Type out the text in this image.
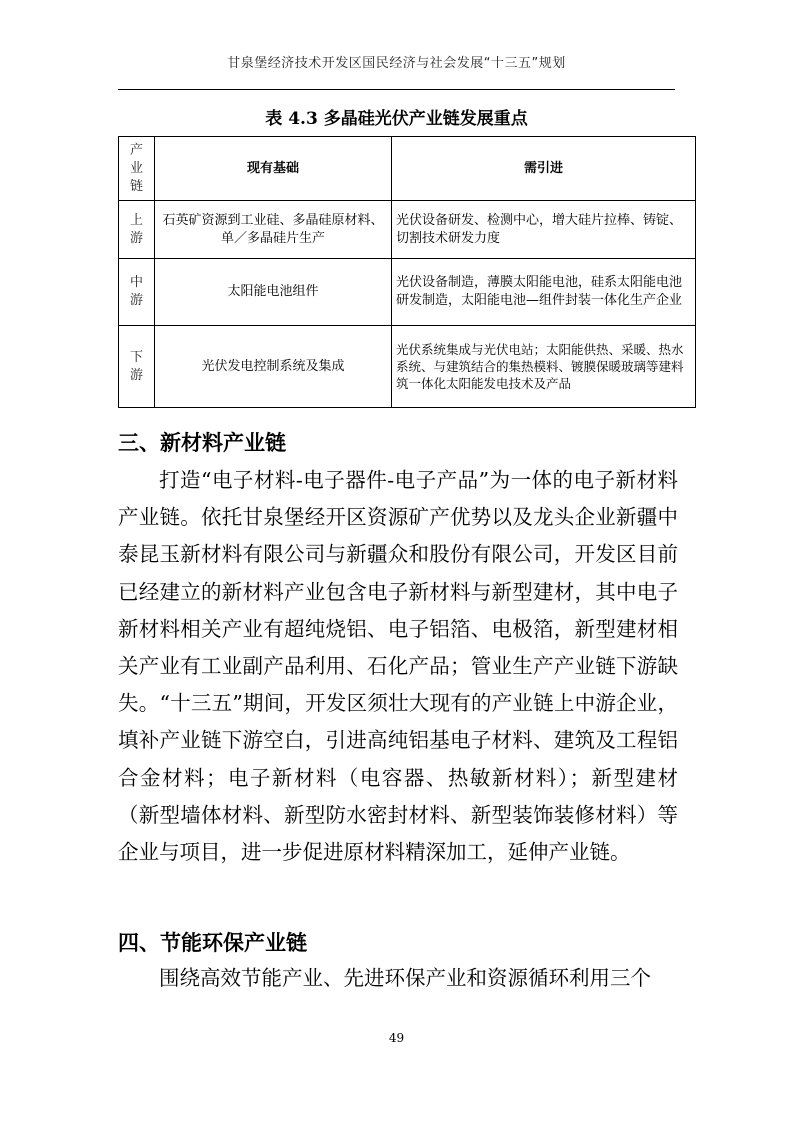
甘泉堡经济技术开发区国民经济与社会发展“十三五”规划
表 4.3 多晶硅光伏产业链发展重点
产
业
链	现有基础	需引进

上
游	石英矿资源到工业硅、多晶硅原材料、单／多晶硅片生产	光伏设备研发、检测中心，增大硅片拉棒、铸锭、切割技术研发力度

中
游	太阳能电池组件	光伏设备制造，薄膜太阳能电池，硅系太阳能电池研发制造，太阳能电池—组件封装一体化生产企业

下
游	光伏发电控制系统及集成	光伏系统集成与光伏电站；太阳能供热、采暖、热水系统、与建筑结合的集热模料、镀膜保暖玻璃等建料筑一体化太阳能发电技术及产品
三、新材料产业链

打造“电子材料-电子器件-电子产品”为一体的电子新材料产业链。依托甘泉堡经开区资源矿产优势以及龙头企业新疆中泰昆玉新材料有限公司与新疆众和股份有限公司，开发区目前已经建立的新材料产业包含电子新材料与新型建材，其中电子新材料相关产业有超纯烧铝、电子铝箔、电极箔，新型建材相关产业有工业副产品利用、石化产品；管业生产产业链下游缺失。“十三五”期间，开发区须壮大现有的产业链上中游企业，填补产业链下游空白，引进高纯铝基电子材料、建筑及工程铝合金材料；电子新材料（电容器、热敏新材料）；新型建材（新型墙体材料、新型防水密封材料、新型装饰装修材料）等企业与项目，进一步促进原材料精深加工，延伸产业链。

四、节能环保产业链

围绕高效节能产业、先进环保产业和资源循环利用三个

49
